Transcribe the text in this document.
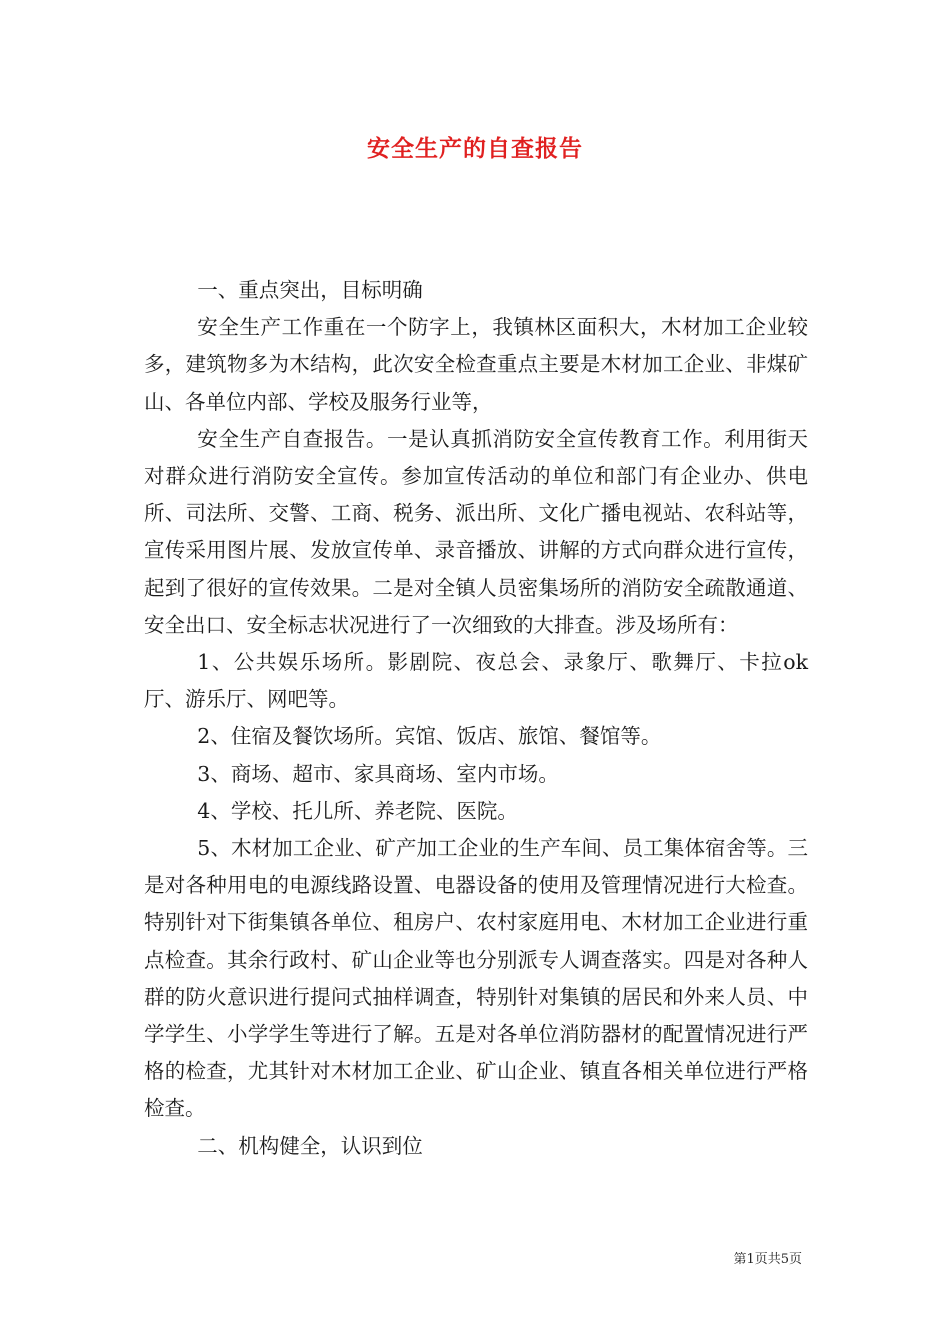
安全生产的自查报告

一、重点突出，目标明确

安全生产工作重在一个防字上，我镇林区面积大，木材加工企业较多，建筑物多为木结构，此次安全检查重点主要是木材加工企业、非煤矿山、各单位内部、学校及服务行业等，

安全生产自查报告。一是认真抓消防安全宣传教育工作。利用街天对群众进行消防安全宣传。参加宣传活动的单位和部门有企业办、供电所、司法所、交警、工商、税务、派出所、文化广播电视站、农科站等，宣传采用图片展、发放宣传单、录音播放、讲解的方式向群众进行宣传，起到了很好的宣传效果。二是对全镇人员密集场所的消防安全疏散通道、安全出口、安全标志状况进行了一次细致的大排查。涉及场所有：

1、公共娱乐场所。影剧院、夜总会、录象厅、歌舞厅、卡拉ok厅、游乐厅、网吧等。

2、住宿及餐饮场所。宾馆、饭店、旅馆、餐馆等。

3、商场、超市、家具商场、室内市场。

4、学校、托儿所、养老院、医院。

5、木材加工企业、矿产加工企业的生产车间、员工集体宿舍等。三是对各种用电的电源线路设置、电器设备的使用及管理情况进行大检查。特别针对下街集镇各单位、租房户、农村家庭用电、木材加工企业进行重点检查。其余行政村、矿山企业等也分别派专人调查落实。四是对各种人群的防火意识进行提问式抽样调查，特别针对集镇的居民和外来人员、中学学生、小学学生等进行了解。五是对各单位消防器材的配置情况进行严格的检查，尤其针对木材加工企业、矿山企业、镇直各相关单位进行严格检查。

二、机构健全，认识到位

第1页共5页
